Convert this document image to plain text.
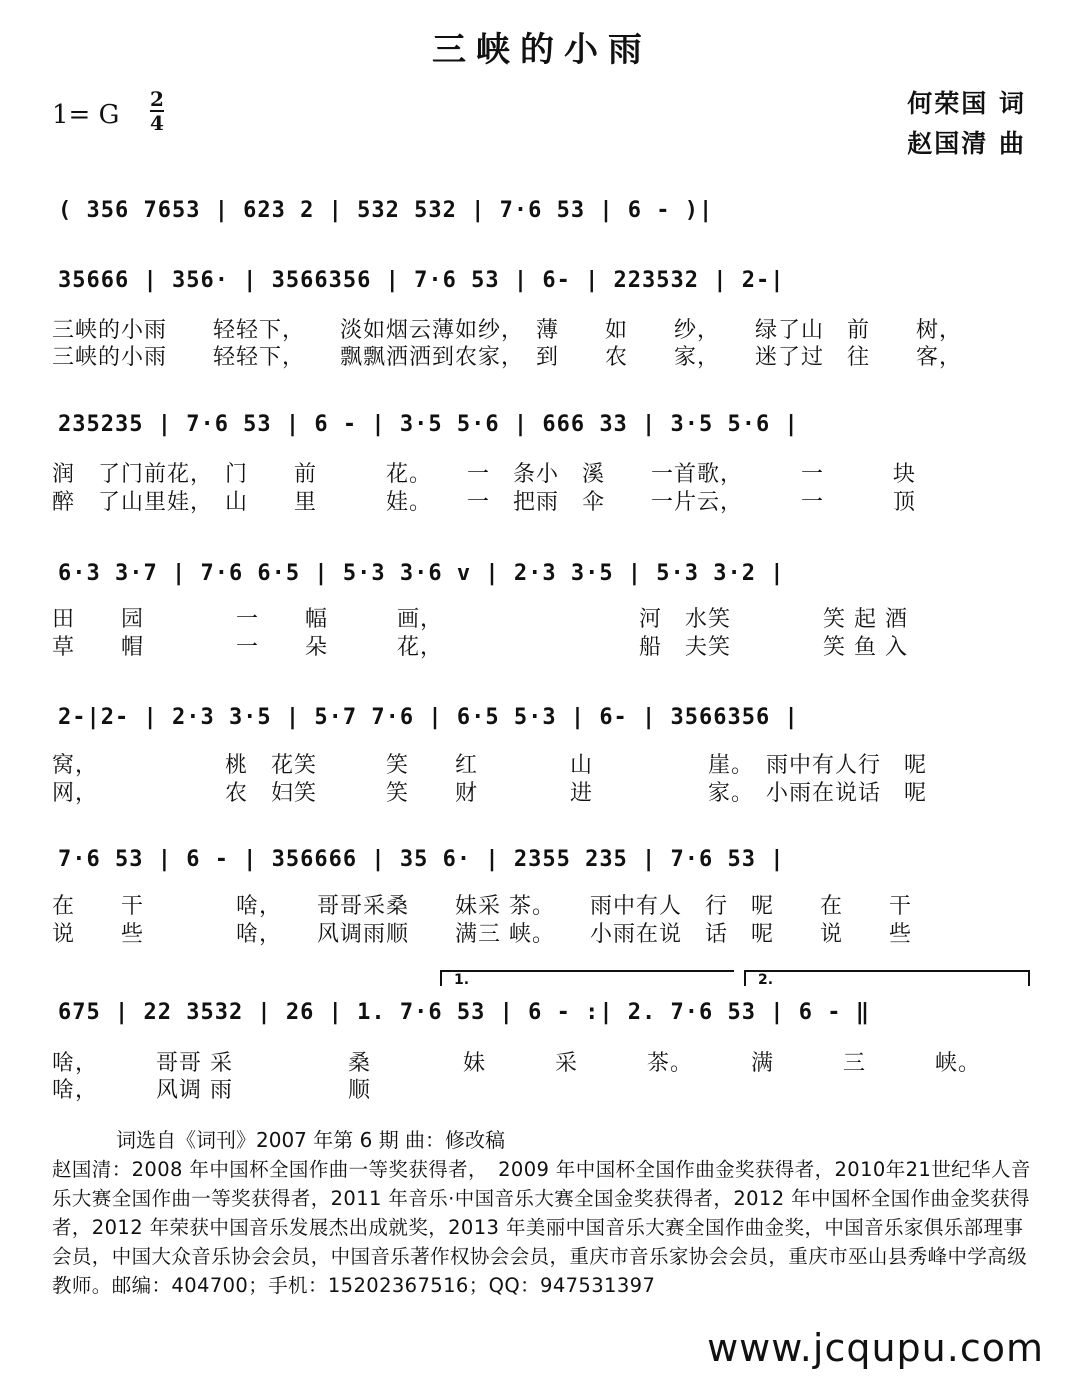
三峡的小雨
1= G
2
4
何荣国 词
赵国清 曲
( 356 7653 | 623 2 | 532 532 | 7·6 53 | 6 - )|
35666 | 356· | 3566356 | 7·6 53 | 6- | 223532 | 2-|
三峡的小雨　　轻轻下，　　淡如烟云薄如纱，　薄　　如　　纱，　　绿了山　前　　树，
三峡的小雨　　轻轻下，　　飘飘洒洒到农家，　到　　农　　家，　　迷了过　往　　客，
235235 | 7·6 53 | 6 - | 3·5 5·6 | 666 33 | 3·5 5·6 |
润　了门前花，　门　　前　　　花。　　一　条小　溪　　一首歌，　　　一　　　块
醉　了山里娃，　山　　里　　　娃。　　一　把雨　伞　　一片云，　　　一　　　顶
6·3 3·7 | 7·6 6·5 | 5·3 3·6 v | 2·3 3·5 | 5·3 3·2 |
田　　园　　　　一　　幅　　　画，　　　　　　　　　河　水笑　　　　笑 起 酒
草　　帽　　　　一　　朵　　　花，　　　　　　　　　船　夫笑　　　　笑 鱼 入
2-|2- | 2·3 3·5 | 5·7 7·6 | 6·5 5·3 | 6- | 3566356 |
窝，　　　　　　桃　花笑　　　笑　　红　　　　山　　　　　崖。　雨中有人行　呢
网，　　　　　　农　妇笑　　　笑　　财　　　　进　　　　　家。　小雨在说话　呢
7·6 53 | 6 - | 356666 | 35 6· | 2355 235 | 7·6 53 |
在　　干　　　　啥，　　哥哥采桑　　妹采 茶。　　雨中有人　行　呢　　在　　干
说　　些　　　　啥，　　风调雨顺　　满三 峡。　　小雨在说　话　呢　　说　　些
1.	2.
675 | 22 3532 | 26 | 1. 7·6 53 | 6 - :| 2. 7·6 53 | 6 - ‖
啥，　　　哥哥 采　　　　　桑　　　　妹　　　采　　　茶。　　　满　　　三　　　峡。
啥，　　　风调 雨　　　　　顺
词选自《词刊》2007 年第 6 期 曲：修改稿
赵国清：2008 年中国杯全国作曲一等奖获得者，　2009 年中国杯全国作曲金奖获得者，2010年21世纪华人音乐大赛全国作曲一等奖获得者，2011 年音乐·中国音乐大赛全国金奖获得者，2012 年中国杯全国作曲金奖获得者，2012 年荣获中国音乐发展杰出成就奖，2013 年美丽中国音乐大赛全国作曲金奖，中国音乐家俱乐部理事会员，中国大众音乐协会会员，中国音乐著作权协会会员，重庆市音乐家协会会员，重庆市巫山县秀峰中学高级教师。邮编：404700；手机：15202367516；QQ：947531397
www.jcqupu.com
